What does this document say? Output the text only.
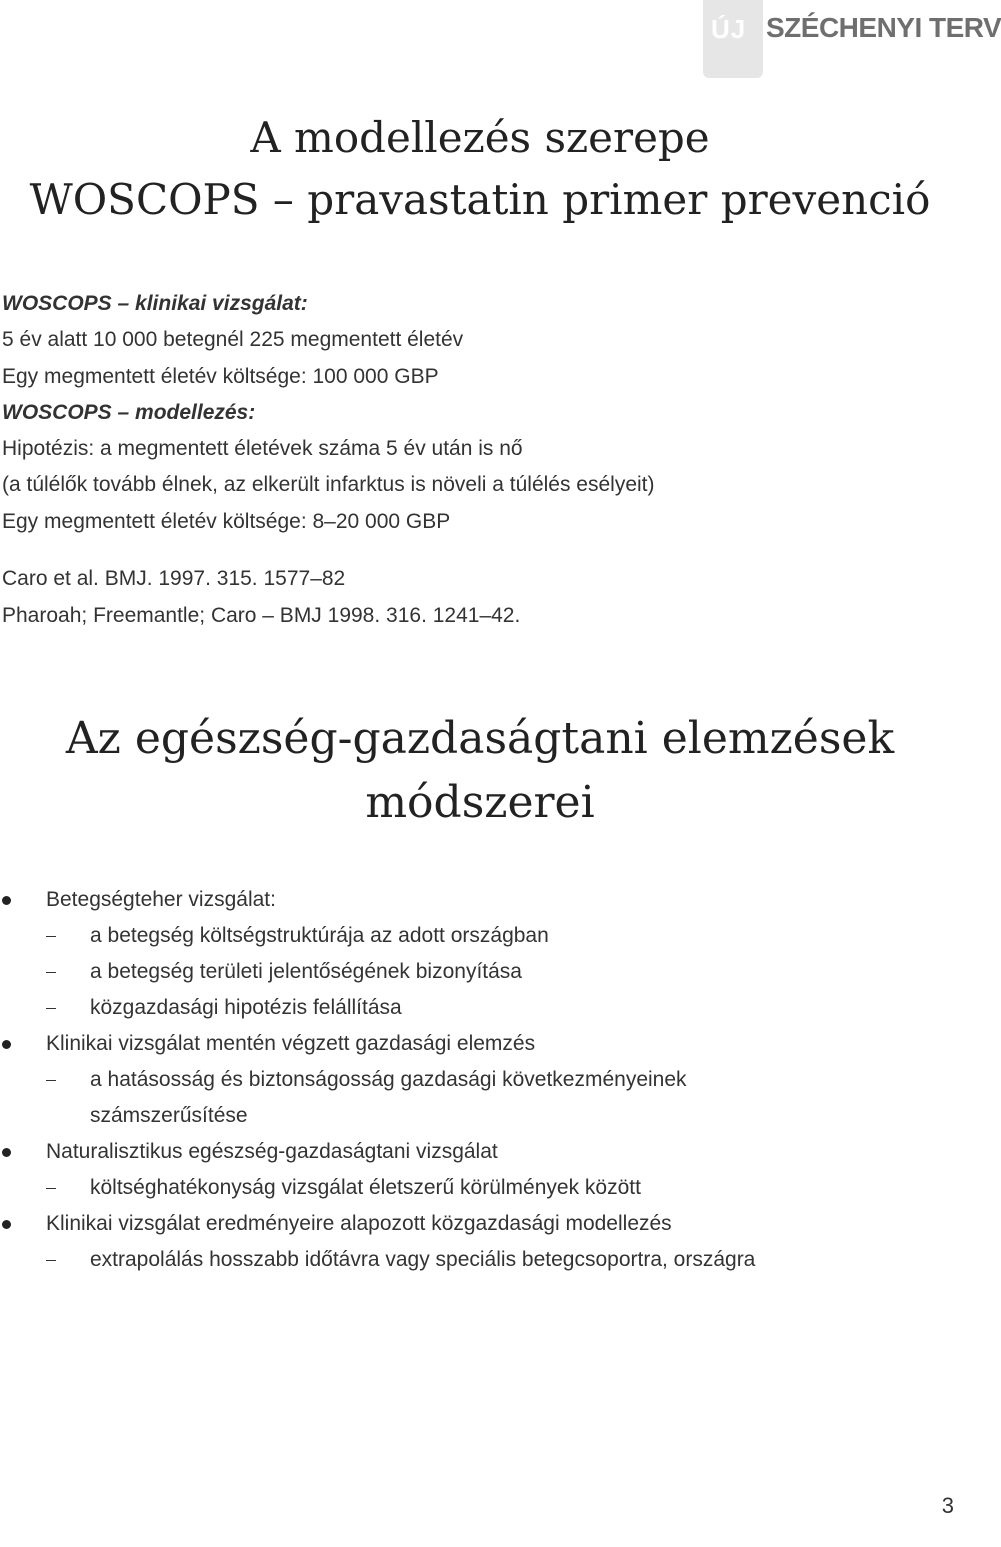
ÚJ SZÉCHENYI TERV
A modellezés szerepe
WOSCOPS – pravastatin primer prevenció
WOSCOPS – klinikai vizsgálat:
5 év alatt 10 000 betegnél 225 megmentett életév
Egy megmentett életév költsége: 100 000 GBP
WOSCOPS – modellezés:
Hipotézis: a megmentett életévek száma 5 év után is nő
(a túlélők tovább élnek, az elkerült infarktus is növeli a túlélés esélyeit)
Egy megmentett életév költsége: 8–20 000 GBP
Caro et al. BMJ. 1997. 315. 1577–82
Pharoah; Freemantle; Caro – BMJ 1998. 316. 1241–42.
Az egészség-gazdaságtani elemzések
módszerei
Betegségteher vizsgálat:
a betegség költségstruktúrája az adott országban
a betegség területi jelentőségének bizonyítása
közgazdasági hipotézis felállítása
Klinikai vizsgálat mentén végzett gazdasági elemzés
a hatásosság és biztonságosság gazdasági következményeinek
számszerűsítése
Naturalisztikus egészség-gazdaságtani vizsgálat
költséghatékonyság vizsgálat életszerű körülmények között
Klinikai vizsgálat eredményeire alapozott közgazdasági modellezés
extrapolálás hosszabb időtávra vagy speciális betegcsoportra, országra
3
